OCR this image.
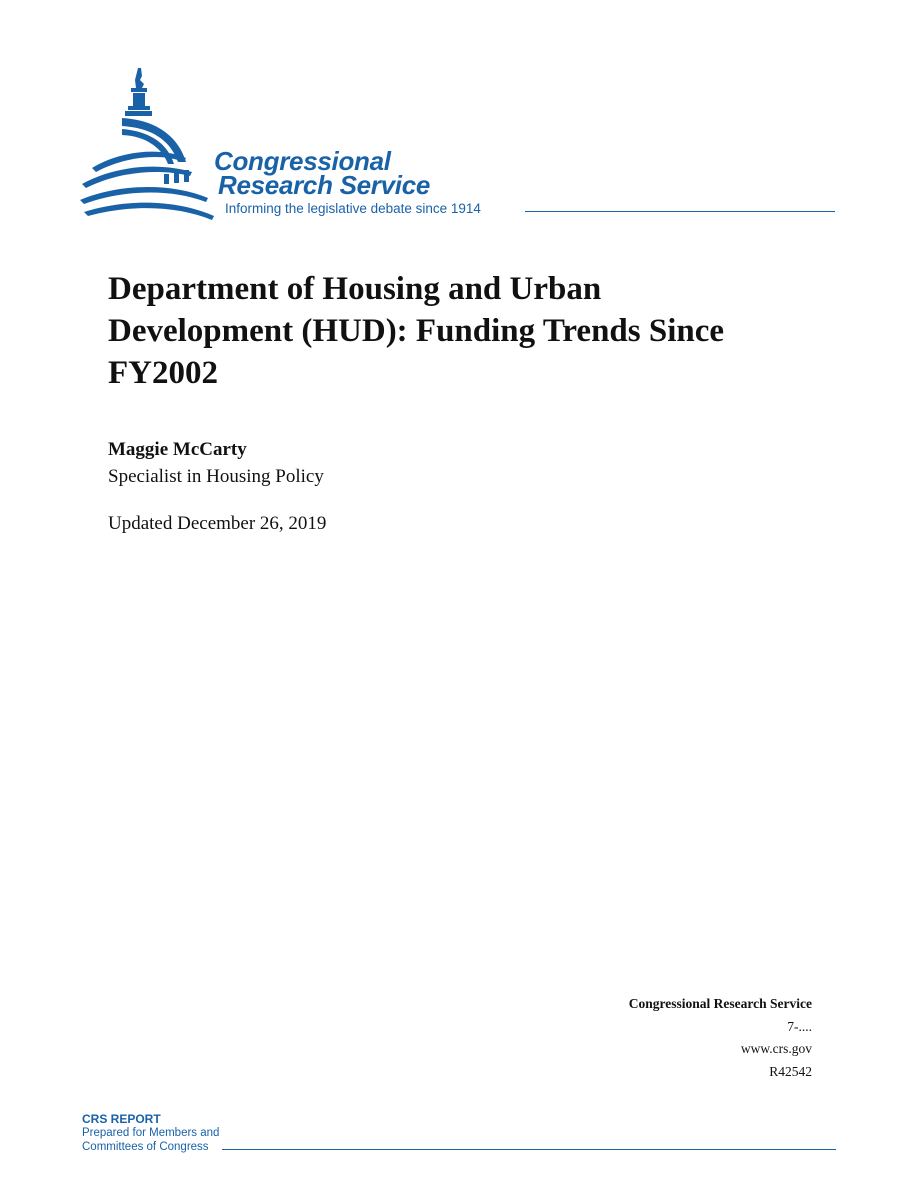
Congressional
Research Service
Informing the legislative debate since 1914
Department of Housing and Urban Development (HUD): Funding Trends Since FY2002
Maggie McCarty
Specialist in Housing Policy
Updated December 26, 2019
Congressional Research Service
7-....
www.crs.gov
R42542
CRS REPORT
Prepared for Members and
Committees of Congress
